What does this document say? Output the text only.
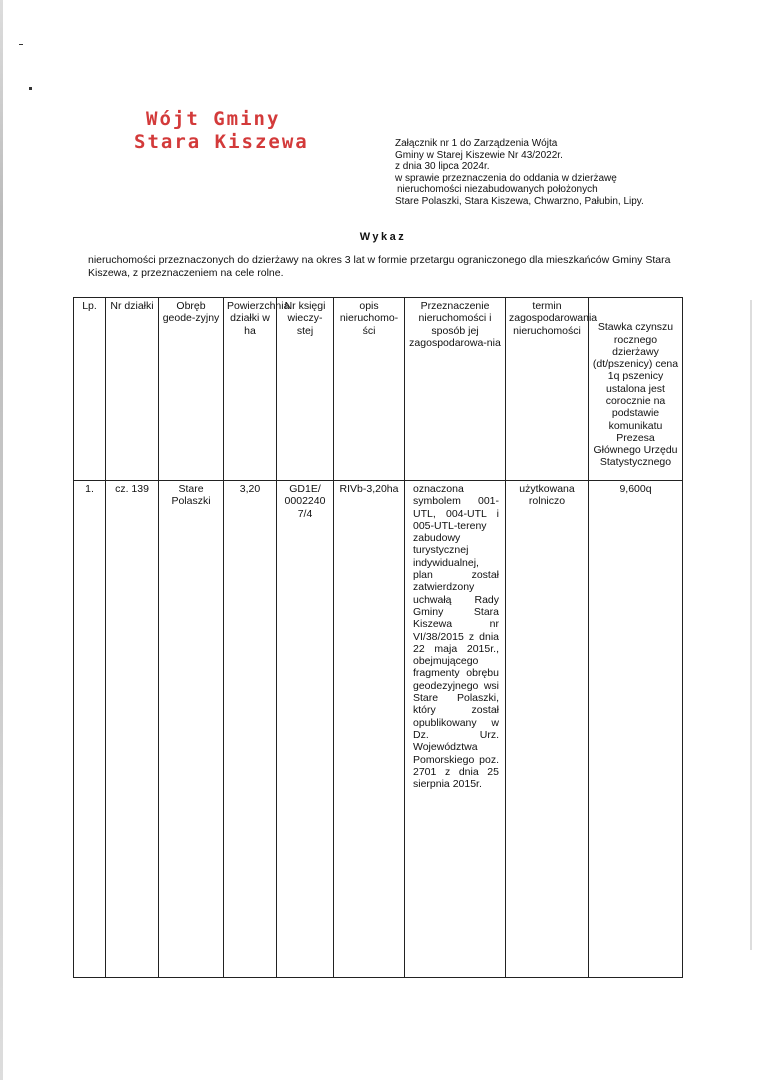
Wójt Gminy
Stara Kiszewa	Załącznik nr 1 do Zarządzenia Wójta
Gminy w Starej Kiszewie Nr 43/2022r.
z dnia 30 lipca 2024r.
w sprawie przeznaczenia do oddania w dzierżawę
nieruchomości niezabudowanych położonych
Stare Polaszki, Stara Kiszewa, Chwarzno, Pałubin, Lipy.
Wykaz
nieruchomości przeznaczonych do dzierżawy na okres 3 lat w formie przetargu ograniczonego dla mieszkańców Gminy Stara Kiszewa, z przeznaczeniem na cele rolne.
Lp.	Nr działki	Obręb geode-zyjny	Powierzchnia działki w ha	Nr księgi wieczy-stej	opis nieruchomo-ści	Przeznaczenie nieruchomości i sposób jej zagospodarowa-nia	termin zagospodarowania nieruchomości	Stawka czynszu rocznego dzierżawy (dt/pszenicy) cena 1q pszenicy ustalona jest corocznie na podstawie komunikatu Prezesa Głównego Urzędu Statystycznego
1.	cz. 139	Stare Polaszki	3,20	GD1E/ 0002240 7/4	RIVb-3,20ha	oznaczona symbolem 001-UTL, 004-UTL i 005-UTL-tereny zabudowy turystycznej indywidualnej, plan został zatwierdzony uchwałą Rady Gminy Stara Kiszewa nr VI/38/2015 z dnia 22 maja 2015r., obejmującego fragmenty obrębu geodezyjnego wsi Stare Polaszki, który został opublikowany w Dz. Urz. Województwa Pomorskiego poz. 2701 z dnia 25 sierpnia 2015r.	użytkowana rolniczo	9,600q
